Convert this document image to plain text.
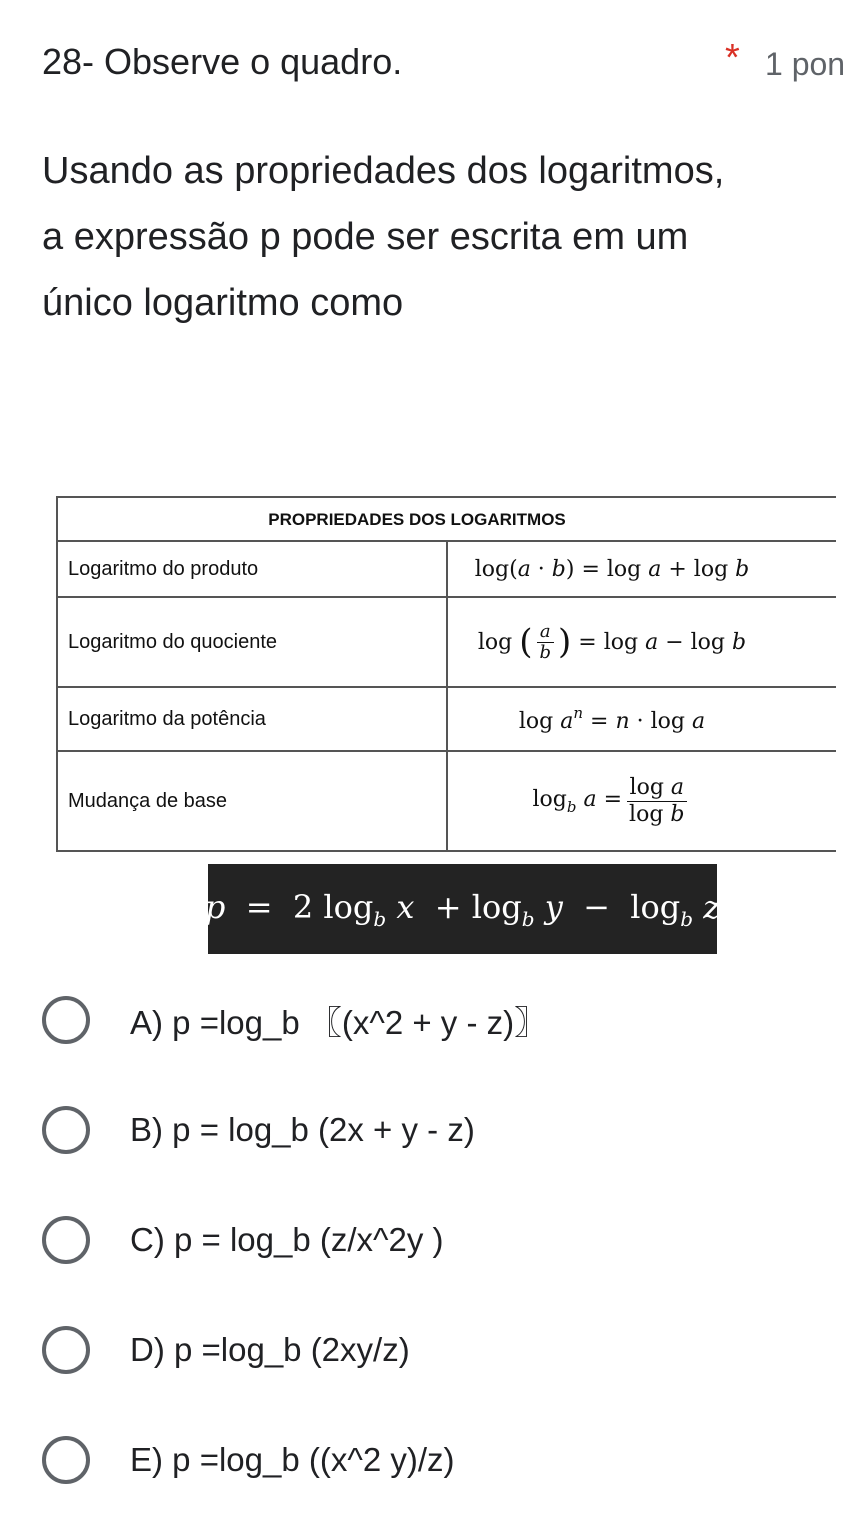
28- Observe o quadro.	* 1 pon
Usando as propriedades dos logaritmos, a expressão p pode ser escrita em um único logaritmo como
PROPRIEDADES DOS LOGARITMOS
Logaritmo do produto	log(a · b) = log a + log b
Logaritmo do quociente	log ( $\frac{a}{b}$ ) = log a − log b
Logaritmo da potência	$\log a^n = n \cdot \log a$
Mudança de base	$\log_b a = \frac{\text{log a}}{\text{log b}}$
p  =  2 $\log_b x + \log_b y - \log_b z$
A) p =log_b 〖(x^2 + y - z)〗
B) p = log_b (2x + y - z)
C) p = log_b (z/x^2y )
D) p =log_b (2xy/z)
E) p =log_b ((x^2 y)/z)
